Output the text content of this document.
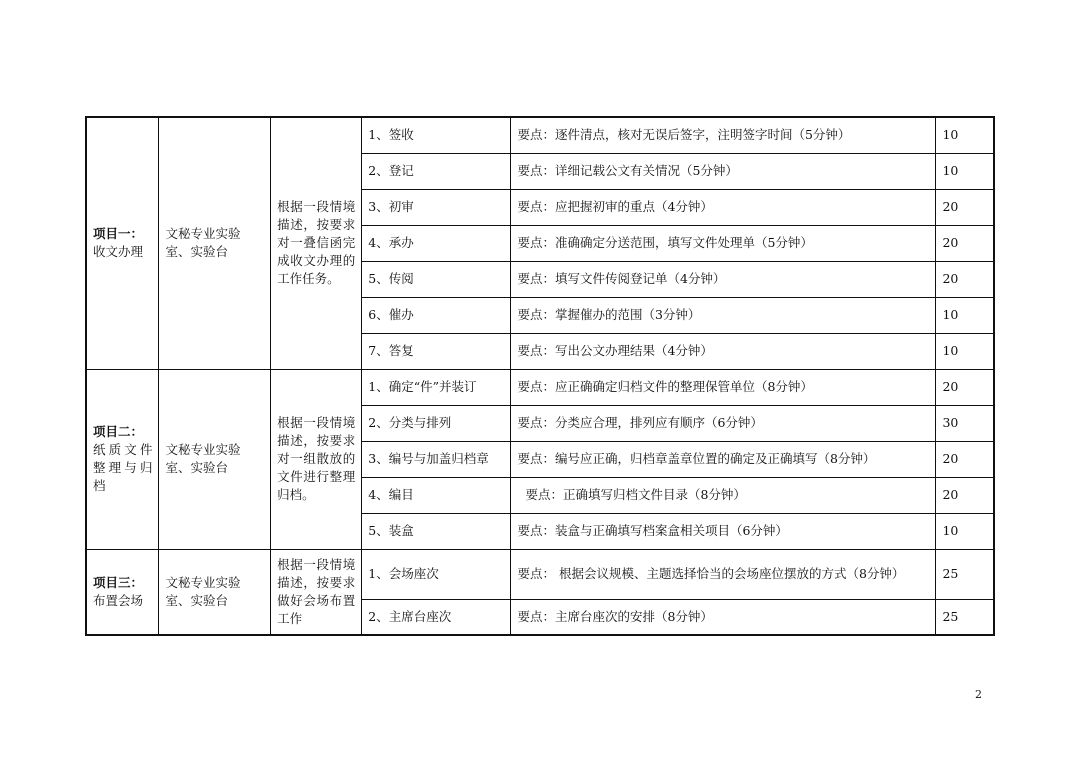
项目一：
收文办理	文秘专业实验室、实验台	根据一段情境描述，按要求对一叠信函完成收文办理的工作任务。	1、签收	要点：逐件清点，核对无误后签字，注明签字时间（5分钟）	10
			2、登记	要点：详细记载公文有关情况（5分钟）	10
			3、初审	要点：应把握初审的重点（4分钟）	20
			4、承办	要点：准确确定分送范围，填写文件处理单（5分钟）	20
			5、传阅	要点：填写文件传阅登记单（4分钟）	20
			6、催办	要点：掌握催办的范围（3分钟）	10
			7、答复	要点：写出公文办理结果（4分钟）	10

项目二：
纸质文件整理与归档	文秘专业实验室、实验台	根据一段情境描述，按要求对一组散放的文件进行整理归档。	1、确定“件”并装订	要点：应正确确定归档文件的整理保管单位（8分钟）	20
			2、分类与排列	要点：分类应合理，排列应有顺序（6分钟）	30
			3、编号与加盖归档章	要点：编号应正确，归档章盖章位置的确定及正确填写（8分钟）	20
			4、编目	要点：正确填写归档文件目录（8分钟）	20
			5、装盒	要点：装盒与正确填写档案盒相关项目（6分钟）	10

项目三：
布置会场	文秘专业实验室、实验台	根据一段情境描述，按要求做好会场布置工作	1、会场座次	要点： 根据会议规模、主题选择恰当的会场座位摆放的方式（8分钟）	25
			2、主席台座次	要点：主席台座次的安排（8分钟）	25
2
